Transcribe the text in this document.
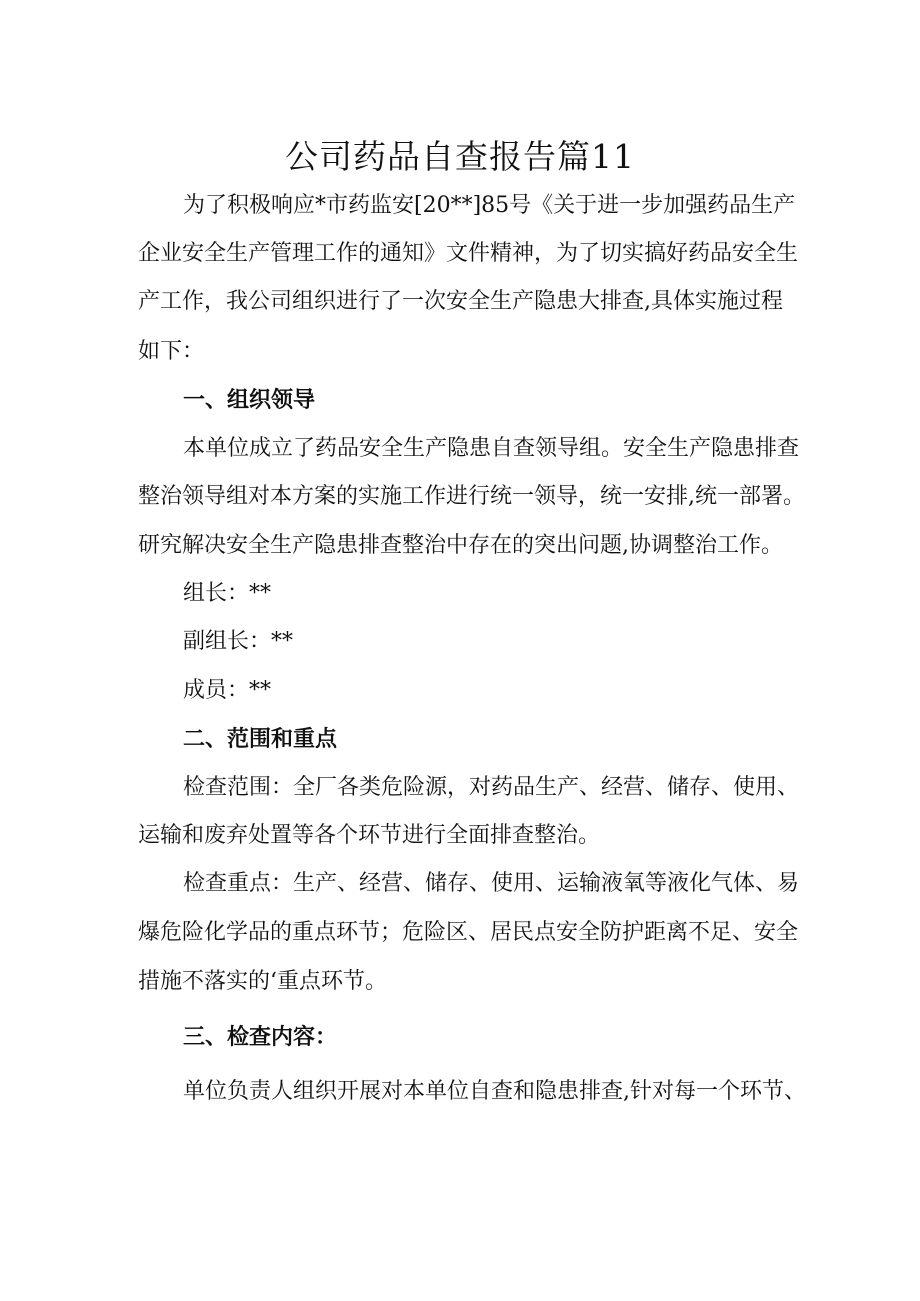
公司药品自查报告篇11

为了积极响应*市药监安[20**]85号《关于进一步加强药品生产

企业安全生产管理工作的通知》文件精神，为了切实搞好药品安全生

产工作，我公司组织进行了一次安全生产隐患大排查,具体实施过程

如下：

一、组织领导

本单位成立了药品安全生产隐患自查领导组。安全生产隐患排查

整治领导组对本方案的实施工作进行统一领导，统一安排,统一部署。

研究解决安全生产隐患排查整治中存在的突出问题,协调整治工作。

组长：**

副组长：**

成员：**

二、范围和重点

检查范围：全厂各类危险源，对药品生产、经营、储存、使用、

运输和废弃处置等各个环节进行全面排查整治。

检查重点：生产、经营、储存、使用、运输液氧等液化气体、易

爆危险化学品的重点环节；危险区、居民点安全防护距离不足、安全

措施不落实的‘重点环节。

三、检查内容：

单位负责人组织开展对本单位自查和隐患排查,针对每一个环节、
